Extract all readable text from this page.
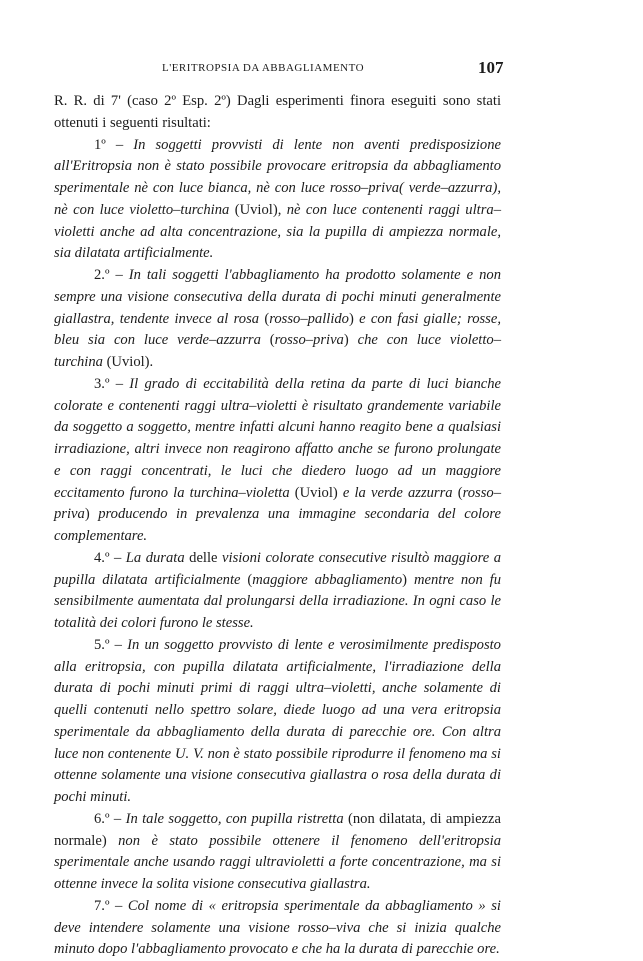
L'ERITROPSIA DA ABBAGLIAMENTO	107

R. R. di 7' (caso 2º Esp. 2º) Dagli esperimenti finora eseguiti sono stati ottenuti i seguenti risultati:

1º – In soggetti provvisti di lente non aventi predisposizione all'Eritropsia non è stato possibile provocare eritropsia da abbagliamento sperimentale nè con luce bianca, nè con luce rosso–priva( verde–azzurra), nè con luce violetto–turchina (Uviol), nè con luce contenenti raggi ultra–violetti anche ad alta concentrazione, sia la pupilla di ampiezza normale, sia dilatata artificialmente.

2.º – In tali soggetti l'abbagliamento ha prodotto solamente e non sempre una visione consecutiva della durata di pochi minuti generalmente giallastra, tendente invece al rosa (rosso–pallido) e con fasi gialle; rosse, bleu sia con luce verde–azzurra (rosso–priva) che con luce violetto–turchina (Uviol).

3.º – Il grado di eccitabilità della retina da parte di luci bianche colorate e contenenti raggi ultra–violetti è risultato grandemente variabile da soggetto a soggetto, mentre infatti alcuni hanno reagito bene a qualsiasi irradiazione, altri invece non reagirono affatto anche se furono prolungate e con raggi concentrati, le luci che diedero luogo ad un maggiore eccitamento furono la turchina–violetta (Uviol) e la verde azzurra (rosso–priva) producendo in prevalenza una immagine secondaria del colore complementare.

4.º – La durata delle visioni colorate consecutive risultò maggiore a pupilla dilatata artificialmente (maggiore abbagliamento) mentre non fu sensibilmente aumentata dal prolungarsi della irradiazione. In ogni caso le totalità dei colori furono le stesse.

5.º – In un soggetto provvisto di lente e verosimilmente predisposto alla eritropsia, con pupilla dilatata artificialmente, l'irradiazione della durata di pochi minuti primi di raggi ultra–violetti, anche solamente di quelli contenuti nello spettro solare, diede luogo ad una vera eritropsia sperimentale da abbagliamento della durata di parecchie ore. Con altra luce non contenente U. V. non è stato possibile riprodurre il fenomeno ma si ottenne solamente una visione consecutiva giallastra o rosa della durata di pochi minuti.

6.º – In tale soggetto, con pupilla ristretta (non dilatata, di ampiezza normale) non è stato possibile ottenere il fenomeno dell'eritropsia sperimentale anche usando raggi ultravioletti a forte concentrazione, ma si ottenne invece la solita visione consecutiva giallastra.

7.º – Col nome di « eritropsia sperimentale da abbagliamento » si deve intendere solamente una visione rosso–viva che si inizia qualche minuto dopo l'abbagliamento provocato e che ha la durata di parecchie ore.
